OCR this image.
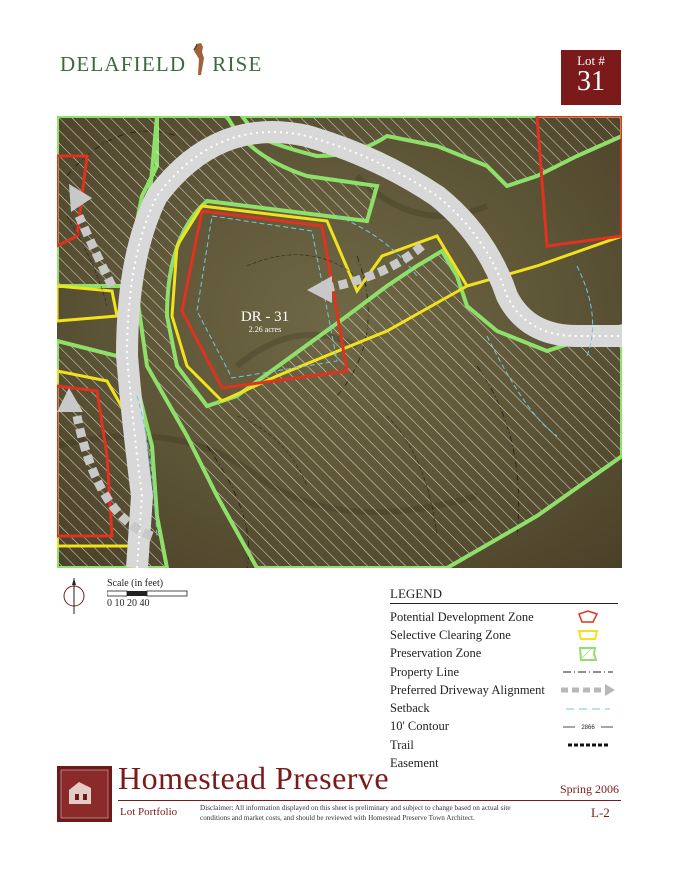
DELAFIELD RISE	Lot #
31
DR - 31
2.26 acres
Scale (in feet)
0 10 20 40
LEGEND
Potential Development Zone
Selective Clearing Zone
Preservation Zone
Property Line
Preferred Driveway Alignment
Setback
10' Contour	2866
Trail
Easement
Homestead Preserve
Lot Portfolio
Spring 2006
L-2
Disclaimer: All information displayed on this sheet is preliminary and subject to change based on actual site conditions and market costs, and should be reviewed with Homestead Preserve Town Architect.
